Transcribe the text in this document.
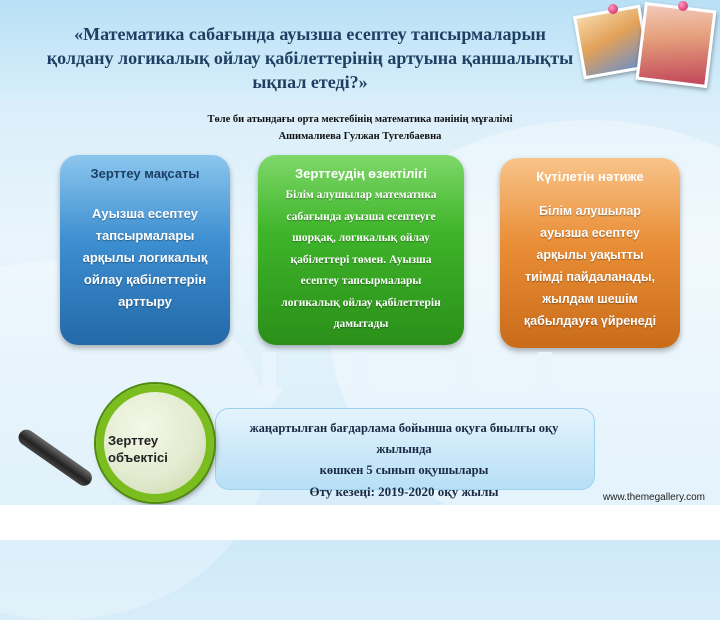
«Математика сабағында ауызша есептеу тапсырмаларын
қолдану логикалық ойлау қабілеттерінің артуына қаншалықты
ықпал етеді?»
Төле би атындағы орта мектебінің математика пәнінің мұғалімі
Ашималиева Гулжан Тугелбаевна
Зерттеу мақсаты
Ауызша есептеу
тапсырмалары
арқылы логикалық
ойлау қабілеттерін
арттыру
Зерттеудің өзектілігі
Білім алушылар математика
сабағында ауызша есептеуге
шорқақ, логикалық ойлау
қабілеттері төмен. Ауызша
есептеу тапсырмалары
логикалық ойлау қабілеттерін
дамытады
Күтілетін нәтиже
Білім алушылар
ауызша есептеу
арқылы уақытты
тиімді пайдаланады,
жылдам шешім
қабылдауға үйренеді
жаңартылған бағдарлама бойынша оқуға биылғы оқу жылында
көшкен 5 сынып оқушылары
Өту кезеңі: 2019-2020 оқу жылы
Зерттеу
объектісі
www.themegallery.com
